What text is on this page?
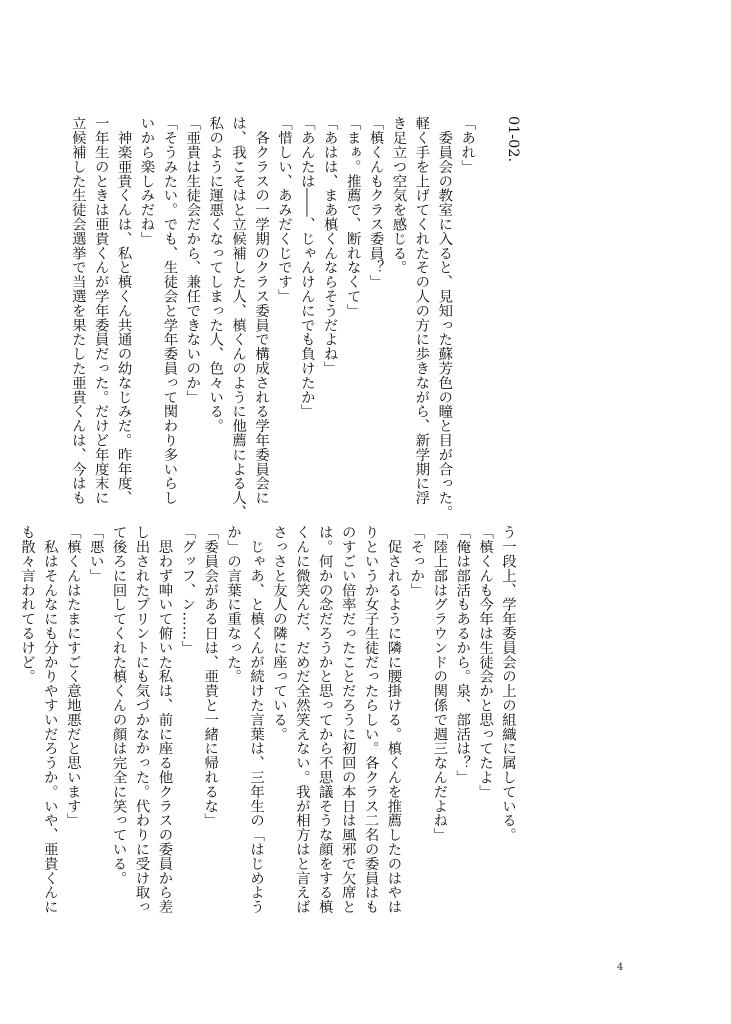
01-02.

「あれ」

　委員会の教室に入ると、見知った蘇芳色の瞳と目が合った。

軽く手を上げてくれたその人の方に歩きながら、新学期に浮

き足立つ空気を感じる。

「槙くんもクラス委員？」

「まぁ。推薦で、断れなくて」

「あはは、まあ槙くんならそうだよね」

「あんたは――、じゃんけんにでも負けたか」

「惜しい、あみだくじです」

　各クラスの一学期のクラス委員で構成される学年委員会に

は、我こそはと立候補した人、槙くんのように他薦による人、

私のように運悪くなってしまった人、色々いる。

「亜貴は生徒会だから、兼任できないのか」

「そうみたい。でも、生徒会と学年委員って関わり多いらし

いから楽しみだね」

　神楽亜貴くんは、私と槙くん共通の幼なじみだ。昨年度、

一年生のときは亜貴くんが学年委員だった。だけど年度末に

立候補した生徒会選挙で当選を果たした亜貴くんは、今はも

う一段上、学年委員会の上の組織に属している。

「槙くんも今年は生徒会かと思ってたよ」

「俺は部活もあるから。泉、部活は？」

「陸上部はグラウンドの関係で週三なんだよね」

「そっか」

　促されるように隣に腰掛ける。槙くんを推薦したのはやは

りというか女子生徒だったらしい。各クラス二名の委員はも

のすごい倍率だったことだろうに初回の本日は風邪で欠席と

は。何かの念だろうかと思ってから不思議そうな顔をする槙

くんに微笑んだ、だめだ全然笑えない。我が相方はと言えば

さっさと友人の隣に座っている。

　じゃあ、と槙くんが続けた言葉は、三年生の「はじめよう

か」の言葉に重なった。

「委員会がある日は、亜貴と一緒に帰れるな」

「グッフ、ン……」

　思わず呻いて俯いた私は、前に座る他クラスの委員から差

し出されたプリントにも気づかなかった。代わりに受け取っ

て後ろに回してくれた槙くんの顔は完全に笑っている。

「悪い」

「槙くんはたまにすごく意地悪だと思います」

　私はそんなにも分かりやすいだろうか。いや、亜貴くんに

も散々言われてるけど。

4
